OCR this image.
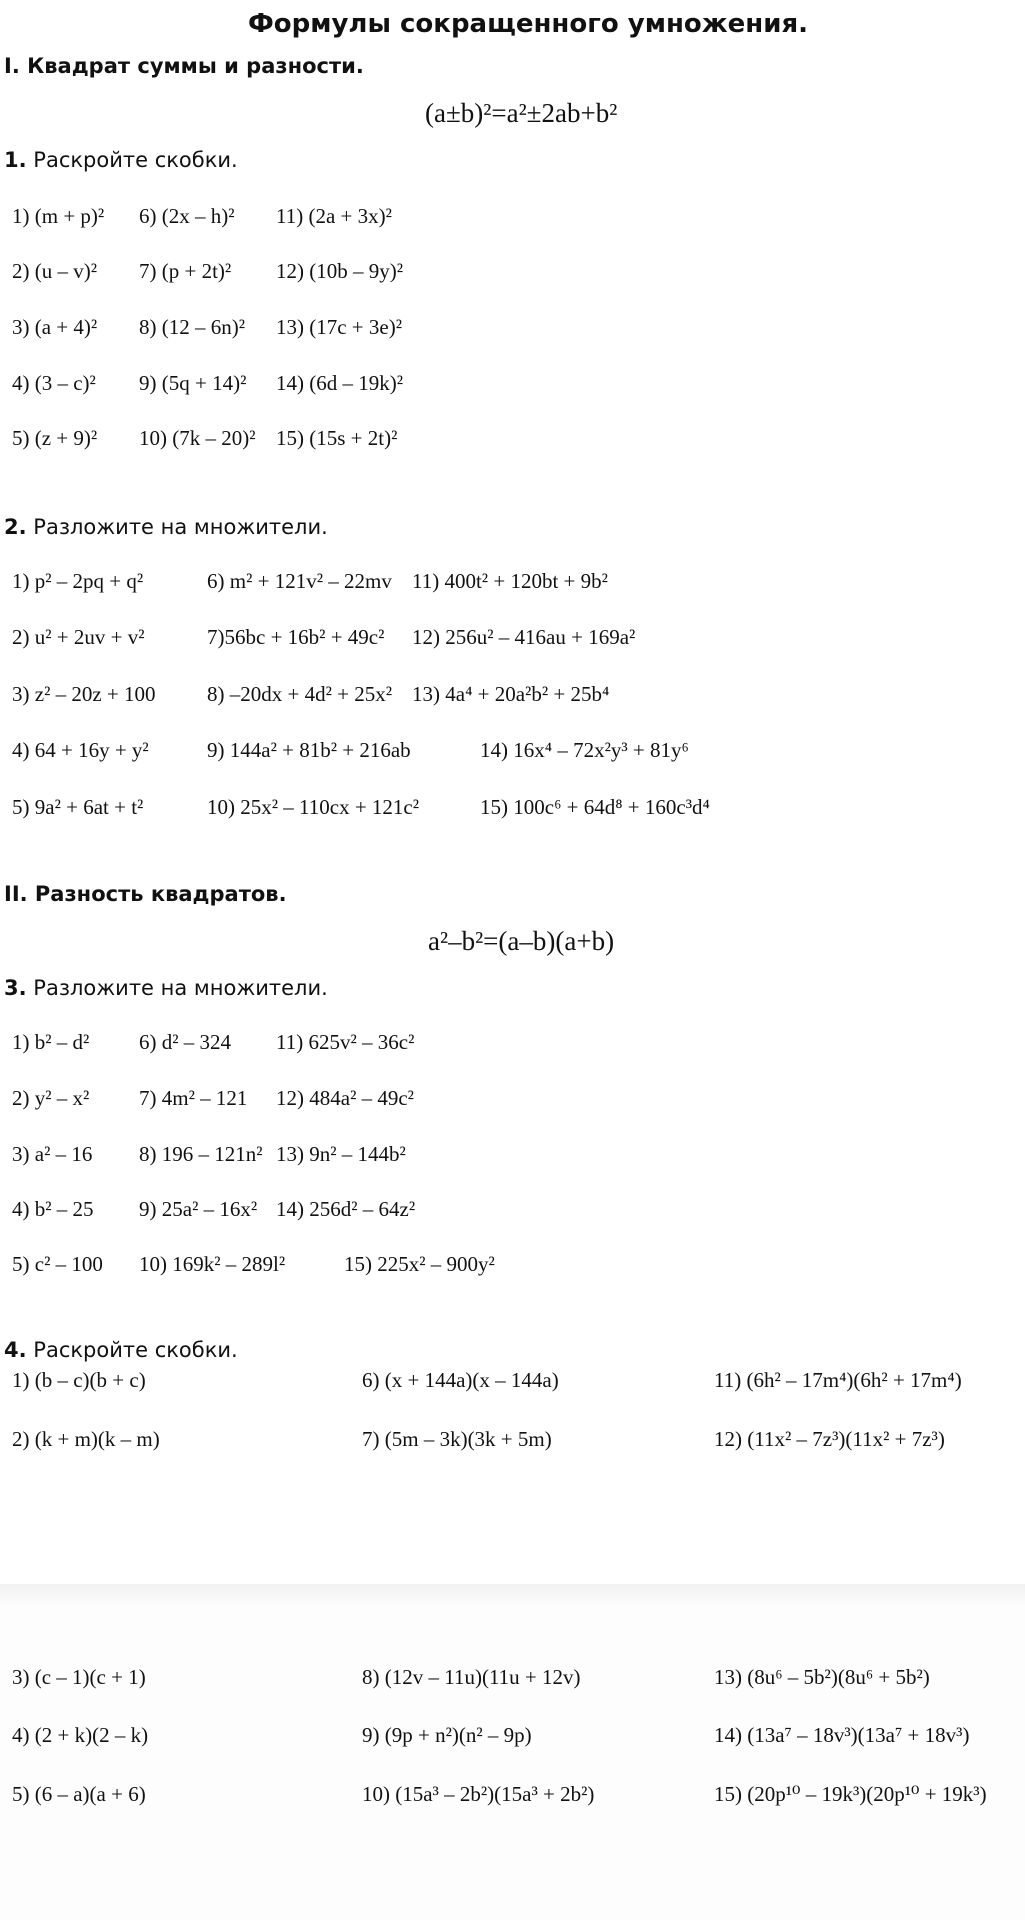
Формулы сокращенного умножения.
I. Квадрат суммы и разности.
(a±b)²=a²±2ab+b²
1. Раскройте скобки.
1) (m + p)² 6) (2x – h)² 11) (2a + 3x)²
2) (u – v)² 7) (p + 2t)² 12) (10b – 9y)²
3) (a + 4)² 8) (12 – 6n)² 13) (17c + 3e)²
4) (3 – c)² 9) (5q + 14)² 14) (6d – 19k)²
5) (z + 9)² 10) (7k – 20)² 15) (15s + 2t)²
2. Разложите на множители.
1) p² – 2pq + q²	6) m² + 121v² – 22mv 11) 400t² + 120bt + 9b²
2) u² + 2uv + v²	7)56bc + 16b² + 49c² 12) 256u² – 416au + 169a²
3) z² – 20z + 100 8) –20dx + 4d² + 25x² 13) 4a⁴ + 20a²b² + 25b⁴
4) 64 + 16y + y²	9) 144a² + 81b² + 216ab	14) 16x⁴ – 72x²y³ + 81y⁶
5) 9a² + 6at + t²	10) 25x² – 110cx + 121c²	15) 100c⁶ + 64d⁸ + 160c³d⁴
II. Разность квадратов.
a²–b²=(a–b)(a+b)
3. Разложите на множители.
1) b² – d² 6) d² – 324 11) 625v² – 36c²
2) y² – x² 7) 4m² – 121 12) 484a² – 49c²
3) a² – 16 8) 196 – 121n² 13) 9n² – 144b²
4) b² – 25 9) 25a² – 16x² 14) 256d² – 64z²
5) c² – 100 10) 169k² – 289l²	15) 225x² – 900y²
4. Раскройте скобки.
1) (b – c)(b + c)	6) (x + 144a)(x – 144a)	11) (6h² – 17m⁴)(6h² + 17m⁴)
2) (k + m)(k – m)	7) (5m – 3k)(3k + 5m)	12) (11x² – 7z³)(11x² + 7z³)
3) (c – 1)(c + 1)	8) (12v – 11u)(11u + 12v)	13) (8u⁶ – 5b²)(8u⁶ + 5b²)
4) (2 + k)(2 – k)	9) (9p + n²)(n² – 9p)	14) (13a⁷ – 18v³)(13a⁷ + 18v³)
5) (6 – a)(a + 6)	10) (15a³ – 2b²)(15a³ + 2b²)	15) (20p¹⁰ – 19k³)(20p¹⁰ + 19k³)
